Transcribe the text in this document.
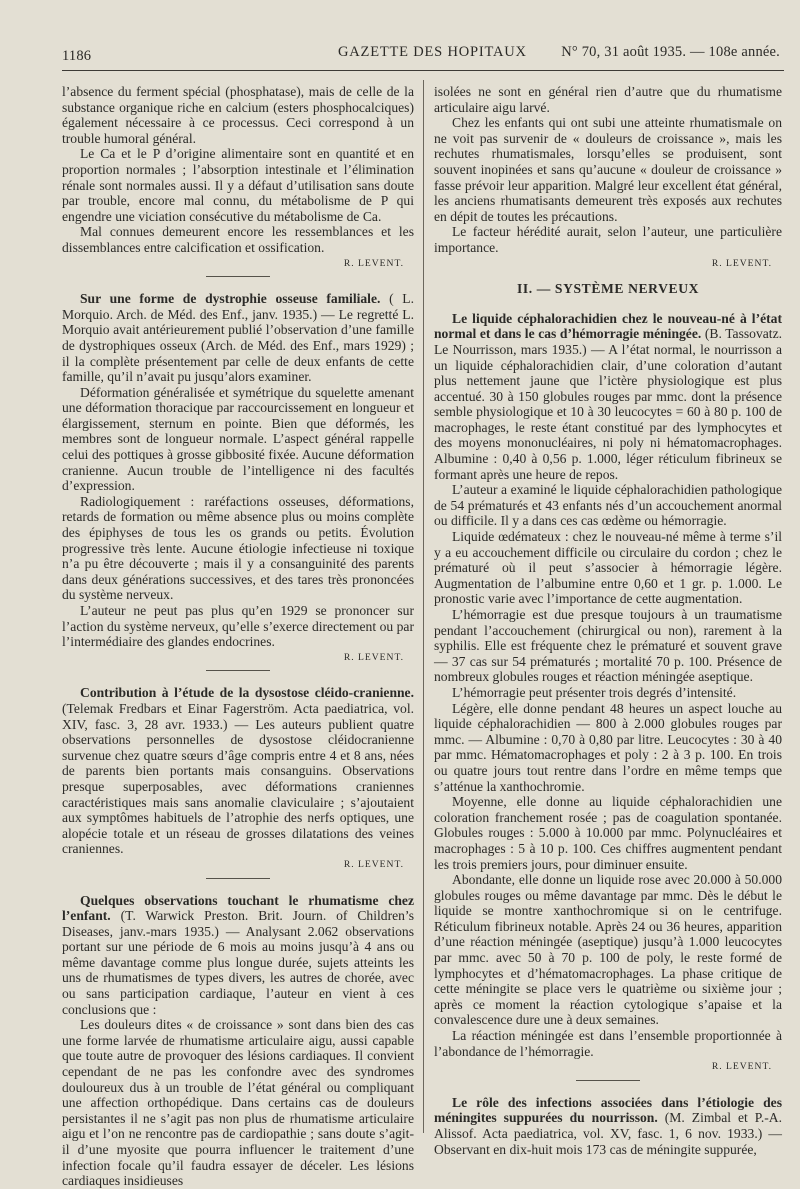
1186	GAZETTE DES HOPITAUX N° 70, 31 août 1935. — 108e année.

l’absence du ferment spécial (phosphatase), mais de celle de la substance organique riche en calcium (esters phosphocalciques) également nécessaire à ce processus. Ceci correspond à un trouble humoral général.

Le Ca et le P d’origine alimentaire sont en quantité et en proportion normales ; l’absorption intestinale et l’élimination rénale sont normales aussi. Il y a défaut d’utilisation sans doute par trouble, encore mal connu, du métabolisme de P qui engendre une viciation consécutive du métabolisme de Ca.

Mal connues demeurent encore les ressemblances et les dissemblances entre calcification et ossification.

R. LEVENT.

Sur une forme de dystrophie osseuse familiale. ( L. Morquio. Arch. de Méd. des Enf., janv. 1935.) — Le regretté L. Morquio avait antérieurement publié l’observation d’une famille de dystrophiques osseux (Arch. de Méd. des Enf., mars 1929) ; il la complète présentement par celle de deux enfants de cette famille, qu’il n’avait pu jusqu’alors examiner.

Déformation généralisée et symétrique du squelette amenant une déformation thoracique par raccourcissement en longueur et élargissement, sternum en pointe. Bien que déformés, les membres sont de longueur normale. L’aspect général rappelle celui des pottiques à grosse gibbosité fixée. Aucune déformation cranienne. Aucun trouble de l’intelligence ni des facultés d’expression.

Radiologiquement : raréfactions osseuses, déformations, retards de formation ou même absence plus ou moins complète des épiphyses de tous les os grands ou petits. Évolution progressive très lente. Aucune étiologie infectieuse ni toxique n’a pu être découverte ; mais il y a consanguinité des parents dans deux générations successives, et des tares très prononcées du système nerveux.

L’auteur ne peut pas plus qu’en 1929 se prononcer sur l’action du système nerveux, qu’elle s’exerce directement ou par l’intermédiaire des glandes endocrines.

R. LEVENT.

Contribution à l’étude de la dysostose cléido-cranienne. (Telemak Fredbars et Einar Fagerström. Acta paediatrica, vol. XIV, fasc. 3, 28 avr. 1933.) — Les auteurs publient quatre observations personnelles de dysostose cléidocranienne survenue chez quatre sœurs d’âge compris entre 4 et 8 ans, nées de parents bien portants mais consanguins. Observations presque superposables, avec déformations craniennes caractéristiques mais sans anomalie claviculaire ; s’ajoutaient aux symptômes habituels de l’atrophie des nerfs optiques, une alopécie totale et un réseau de grosses dilatations des veines craniennes.

R. LEVENT.

Quelques observations touchant le rhumatisme chez l’enfant. (T. Warwick Preston. Brit. Journ. of Children’s Diseases, janv.-mars 1935.) — Analysant 2.062 observations portant sur une période de 6 mois au moins jusqu’à 4 ans ou même davantage comme plus longue durée, sujets atteints les uns de rhumatismes de types divers, les autres de chorée, avec ou sans participation cardiaque, l’auteur en vient à ces conclusions que :

Les douleurs dites « de croissance » sont dans bien des cas une forme larvée de rhumatisme articulaire aigu, aussi capable que toute autre de provoquer des lésions cardiaques. Il convient cependant de ne pas les confondre avec des syndromes douloureux dus à un trouble de l’état général ou compliquant une affection orthopédique. Dans certains cas de douleurs persistantes il ne s’agit pas non plus de rhumatisme articulaire aigu et l’on ne rencontre pas de cardiopathie ; sans doute s’agit-il d’une myosite que pourra influencer le traitement d’une infection focale qu’il faudra essayer de déceler. Les lésions cardiaques insidieuses

isolées ne sont en général rien d’autre que du rhumatisme articulaire aigu larvé.

Chez les enfants qui ont subi une atteinte rhumatismale on ne voit pas survenir de « douleurs de croissance », mais les rechutes rhumatismales, lorsqu’elles se produisent, sont souvent inopinées et sans qu’aucune « douleur de croissance » fasse prévoir leur apparition. Malgré leur excellent état général, les anciens rhumatisants demeurent très exposés aux rechutes en dépit de toutes les précautions.

Le facteur hérédité aurait, selon l’auteur, une particulière importance.

R. LEVENT.
II. — SYSTÈME NERVEUX

Le liquide céphalorachidien chez le nouveau-né à l’état normal et dans le cas d’hémorragie méningée. (B. Tassovatz. Le Nourrisson, mars 1935.) — A l’état normal, le nourrisson a un liquide céphalorachidien clair, d’une coloration d’autant plus nettement jaune que l’ictère physiologique est plus accentué. 30 à 150 globules rouges par mmc. dont la présence semble physiologique et 10 à 30 leucocytes = 60 à 80 p. 100 de macrophages, le reste étant constitué par des lymphocytes et des moyens mononucléaires, ni poly ni hématomacrophages. Albumine : 0,40 à 0,56 p. 1.000, léger réticulum fibrineux se formant après une heure de repos.

L’auteur a examiné le liquide céphalorachidien pathologique de 54 prématurés et 43 enfants nés d’un accouchement anormal ou difficile. Il y a dans ces cas œdème ou hémorragie.

Liquide œdémateux : chez le nouveau-né même à terme s’il y a eu accouchement difficile ou circulaire du cordon ; chez le prématuré où il peut s’associer à hémorragie légère. Augmentation de l’albumine entre 0,60 et 1 gr. p. 1.000. Le pronostic varie avec l’importance de cette augmentation.

L’hémorragie est due presque toujours à un traumatisme pendant l’accouchement (chirurgical ou non), rarement à la syphilis. Elle est fréquente chez le prématuré et souvent grave — 37 cas sur 54 prématurés ; mortalité 70 p. 100. Présence de nombreux globules rouges et réaction méningée aseptique.

L’hémorragie peut présenter trois degrés d’intensité.

Légère, elle donne pendant 48 heures un aspect louche au liquide céphalorachidien — 800 à 2.000 globules rouges par mmc. — Albumine : 0,70 à 0,80 par litre. Leucocytes : 30 à 40 par mmc. Hématomacrophages et poly : 2 à 3 p. 100. En trois ou quatre jours tout rentre dans l’ordre en même temps que s’atténue la xanthochromie.

Moyenne, elle donne au liquide céphalorachidien une coloration franchement rosée ; pas de coagulation spontanée. Globules rouges : 5.000 à 10.000 par mmc. Polynucléaires et macrophages : 5 à 10 p. 100. Ces chiffres augmentent pendant les trois premiers jours, pour diminuer ensuite.

Abondante, elle donne un liquide rose avec 20.000 à 50.000 globules rouges ou même davantage par mmc. Dès le début le liquide se montre xanthochromique si on le centrifuge. Réticulum fibrineux notable. Après 24 ou 36 heures, apparition d’une réaction méningée (aseptique) jusqu’à 1.000 leucocytes par mmc. avec 50 à 70 p. 100 de poly, le reste formé de lymphocytes et d’hématomacrophages. La phase critique de cette méningite se place vers le quatrième ou sixième jour ; après ce moment la réaction cytologique s’apaise et la convalescence dure une à deux semaines.

La réaction méningée est dans l’ensemble proportionnée à l’abondance de l’hémorragie.

R. LEVENT.

Le rôle des infections associées dans l’étiologie des méningites suppurées du nourrisson. (M. Zimbal et P.-A. Alissof. Acta paediatrica, vol. XV, fasc. 1, 6 nov. 1933.) — Observant en dix-huit mois 173 cas de méningite suppurée,
